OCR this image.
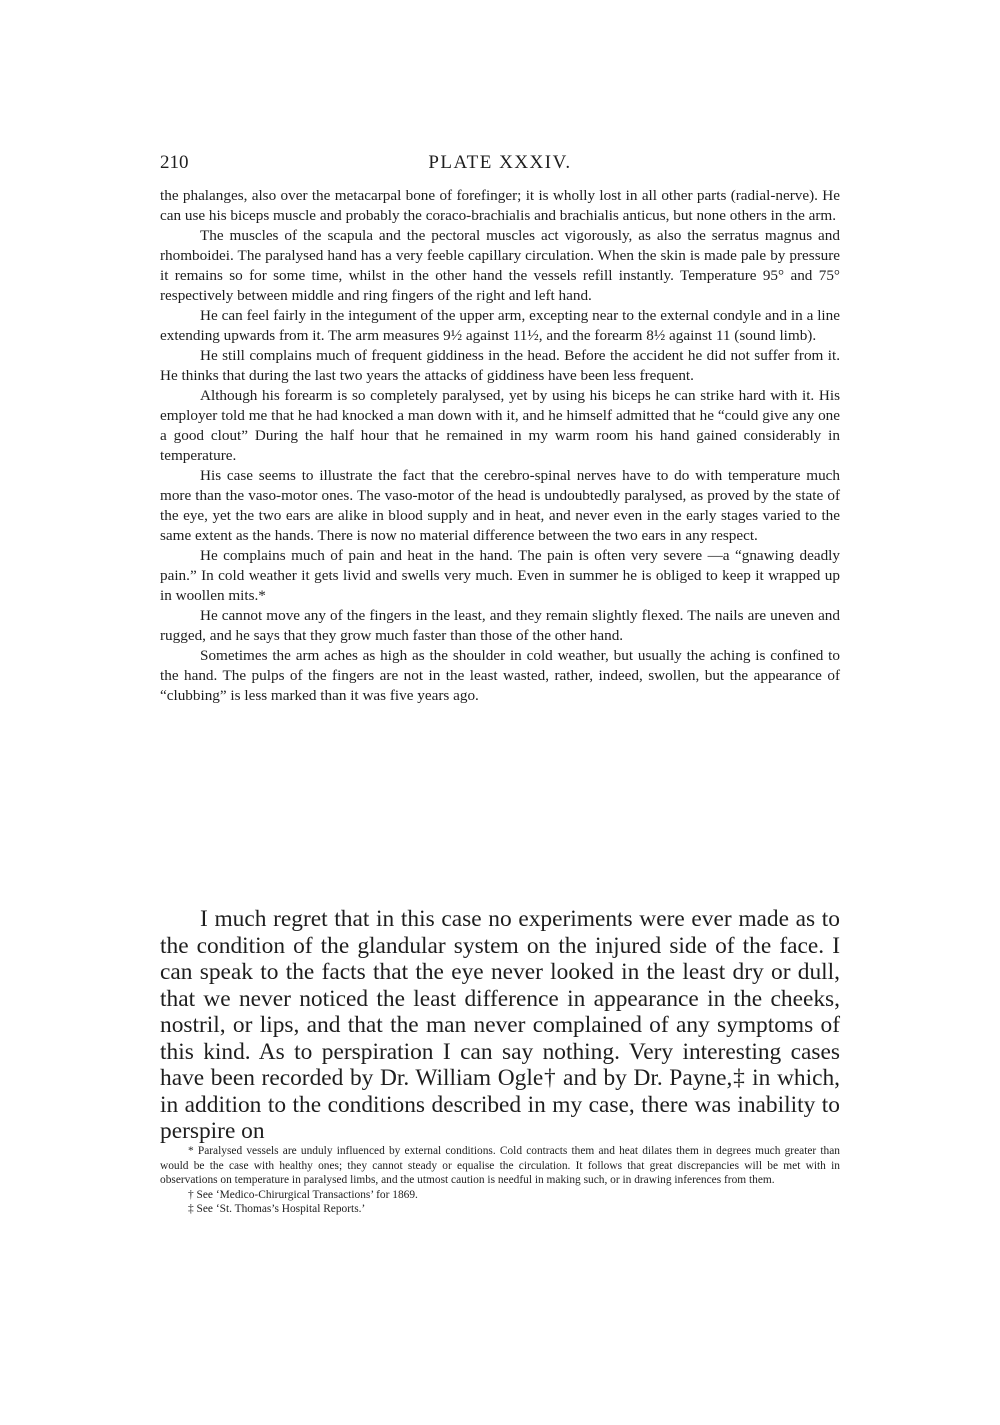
210	PLATE XXXIV.

the phalanges, also over the metacarpal bone of forefinger; it is wholly lost in all other parts (radial-nerve). He can use his biceps muscle and probably the coraco-brachialis and brachialis anticus, but none others in the arm.

The muscles of the scapula and the pectoral muscles act vigorously, as also the serratus magnus and rhomboidei. The paralysed hand has a very feeble capillary circulation. When the skin is made pale by pressure it remains so for some time, whilst in the other hand the vessels refill instantly. Temperature 95° and 75° respectively between middle and ring fingers of the right and left hand.

He can feel fairly in the integument of the upper arm, excepting near to the external condyle and in a line extending upwards from it. The arm measures 9½ against 11½, and the forearm 8½ against 11 (sound limb).

He still complains much of frequent giddiness in the head. Before the accident he did not suffer from it. He thinks that during the last two years the attacks of giddiness have been less frequent.

Although his forearm is so completely paralysed, yet by using his biceps he can strike hard with it. His employer told me that he had knocked a man down with it, and he himself admitted that he “could give any one a good clout” During the half hour that he remained in my warm room his hand gained considerably in temperature.

His case seems to illustrate the fact that the cerebro-spinal nerves have to do with temperature much more than the vaso-motor ones. The vaso-motor of the head is undoubtedly paralysed, as proved by the state of the eye, yet the two ears are alike in blood supply and in heat, and never even in the early stages varied to the same extent as the hands. There is now no material difference between the two ears in any respect.

He complains much of pain and heat in the hand. The pain is often very severe —a “gnawing deadly pain.” In cold weather it gets livid and swells very much. Even in summer he is obliged to keep it wrapped up in woollen mits.*

He cannot move any of the fingers in the least, and they remain slightly flexed. The nails are uneven and rugged, and he says that they grow much faster than those of the other hand.

Sometimes the arm aches as high as the shoulder in cold weather, but usually the aching is confined to the hand. The pulps of the fingers are not in the least wasted, rather, indeed, swollen, but the appearance of “clubbing” is less marked than it was five years ago.

I much regret that in this case no experiments were ever made as to the condition of the glandular system on the injured side of the face. I can speak to the facts that the eye never looked in the least dry or dull, that we never noticed the least difference in appearance in the cheeks, nostril, or lips, and that the man never complained of any symptoms of this kind. As to perspiration I can say nothing. Very interesting cases have been recorded by Dr. William Ogle† and by Dr. Payne,‡ in which, in addition to the conditions described in my case, there was inability to perspire on

* Paralysed vessels are unduly influenced by external conditions. Cold contracts them and heat dilates them in degrees much greater than would be the case with healthy ones; they cannot steady or equalise the circulation. It follows that great discrepancies will be met with in observations on temperature in paralysed limbs, and the utmost caution is needful in making such, or in drawing inferences from them.

† See ‘Medico-Chirurgical Transactions’ for 1869.

‡ See ‘St. Thomas’s Hospital Reports.’
